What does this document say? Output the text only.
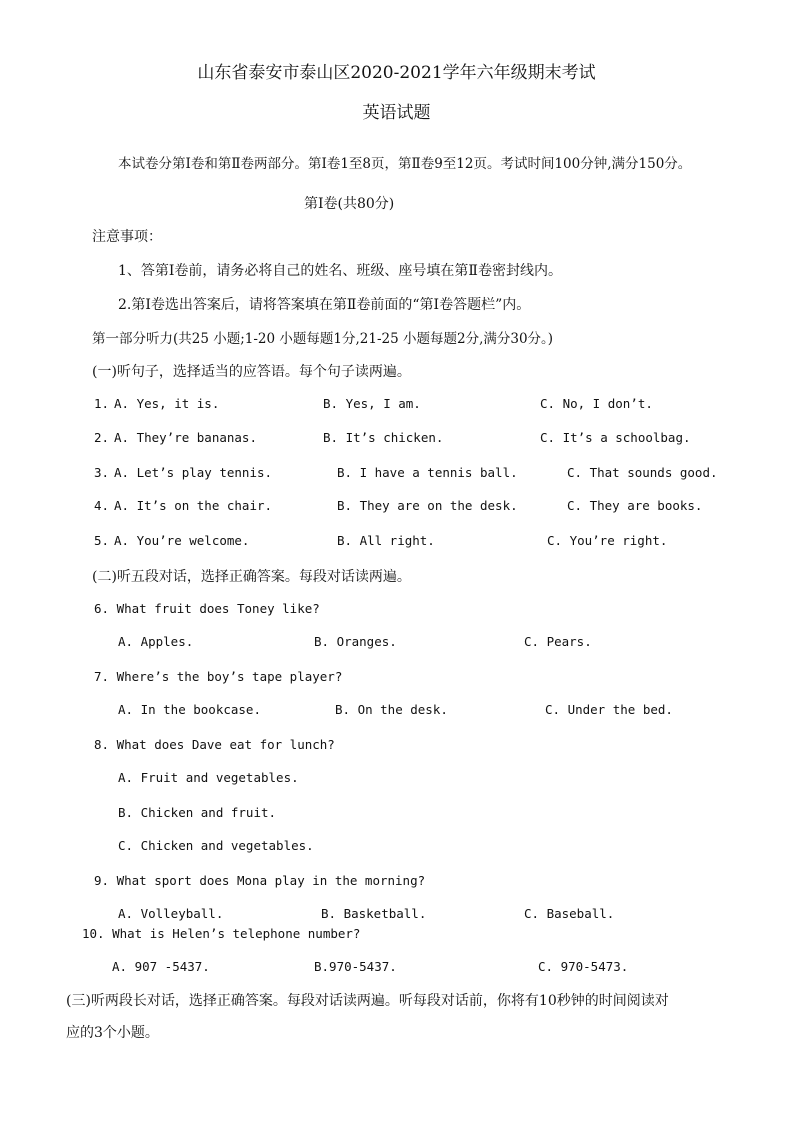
山东省泰安市泰山区2020-2021学年六年级期末考试
英语试题
本试卷分第Ⅰ卷和第Ⅱ卷两部分。第Ⅰ卷1至8页，第Ⅱ卷9至12页。考试时间100分钟,满分150分。
第Ⅰ卷(共80分)
注意事项：
1、答第Ⅰ卷前，请务必将自己的姓名、班级、座号填在第Ⅱ卷密封线内。
2.第Ⅰ卷选出答案后，请将答案填在第Ⅱ卷前面的“第Ⅰ卷答题栏”内。
第一部分听力(共25 小题;1-20 小题每题1分,21-25 小题每题2分,满分30分。)
(一)听句子，选择适当的应答语。每个句子读两遍。
1. A. Yes, it is.	B. Yes, I am.	C. No, I don’t.
2. A. They’re bananas.	B. It’s chicken.	C. It’s a schoolbag.
3. A. Let’s play tennis.	B. I have a tennis ball.	C. That sounds good.
4. A. It’s on the chair.	B. They are on the desk.	C. They are books.
5. A. You’re welcome.	B. All right.	C. You’re right.
(二)听五段对话，选择正确答案。每段对话读两遍。
6. What fruit does Toney like?
A. Apples.	B. Oranges.	C. Pears.
7. Where’s the boy’s tape player?
A. In the bookcase.	B. On the desk.	C. Under the bed.
8. What does Dave eat for lunch?
A. Fruit and vegetables.
B. Chicken and fruit.
C. Chicken and vegetables.
9. What sport does Mona play in the morning?
A. Volleyball.	B. Basketball.	C. Baseball.
10. What is Helen’s telephone number?
A. 907 -5437.	B.970-5437.	C. 970-5473.
(三)听两段长对话，选择正确答案。每段对话读两遍。听每段对话前，你将有10秒钟的时间阅读对
应的3个小题。
